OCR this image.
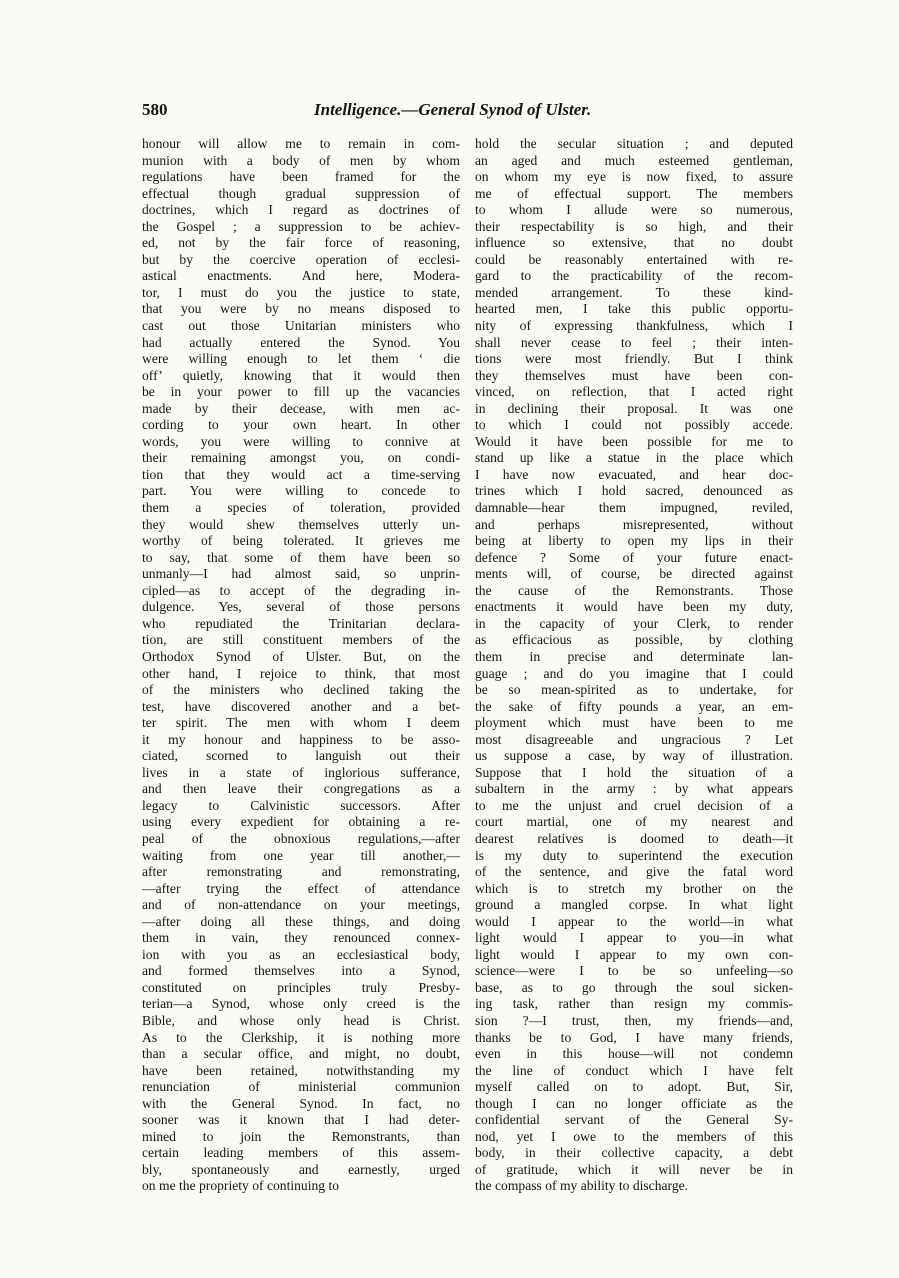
580	Intelligence.—General Synod of Ulster.

honour will allow me to remain in com-
munion with a body of men by whom
regulations have been framed for the
effectual though gradual suppression of
doctrines, which I regard as doctrines of
the Gospel ; a suppression to be achiev-
ed, not by the fair force of reasoning,
but by the coercive operation of ecclesi-
astical enactments. And here, Modera-
tor, I must do you the justice to state,
that you were by no means disposed to
cast out those Unitarian ministers who
had actually entered the Synod. You
were willing enough to let them ‘ die
off’ quietly, knowing that it would then
be in your power to fill up the vacancies
made by their decease, with men ac-
cording to your own heart. In other
words, you were willing to connive at
their remaining amongst you, on condi-
tion that they would act a time-serving
part. You were willing to concede to
them a species of toleration, provided
they would shew themselves utterly un-
worthy of being tolerated. It grieves me
to say, that some of them have been so
unmanly—I had almost said, so unprin-
cipled—as to accept of the degrading in-
dulgence. Yes, several of those persons
who repudiated the Trinitarian declara-
tion, are still constituent members of the
Orthodox Synod of Ulster. But, on the
other hand, I rejoice to think, that most
of the ministers who declined taking the
test, have discovered another and a bet-
ter spirit. The men with whom I deem
it my honour and happiness to be asso-
ciated, scorned to languish out their
lives in a state of inglorious sufferance,
and then leave their congregations as a
legacy to Calvinistic successors. After
using every expedient for obtaining a re-
peal of the obnoxious regulations,—after
waiting from one year till another,—
after remonstrating and remonstrating,
—after trying the effect of attendance
and of non-attendance on your meetings,
—after doing all these things, and doing
them in vain, they renounced connex-
ion with you as an ecclesiastical body,
and formed themselves into a Synod,
constituted on principles truly Presby-
terian—a Synod, whose only creed is the
Bible, and whose only head is Christ.
As to the Clerkship, it is nothing more
than a secular office, and might, no doubt,
have been retained, notwithstanding my
renunciation of ministerial communion
with the General Synod. In fact, no
sooner was it known that I had deter-
mined to join the Remonstrants, than
certain leading members of this assem-
bly, spontaneously and earnestly, urged
on me the propriety of continuing to

hold the secular situation ; and deputed
an aged and much esteemed gentleman,
on whom my eye is now fixed, to assure
me of effectual support. The members
to whom I allude were so numerous,
their respectability is so high, and their
influence so extensive, that no doubt
could be reasonably entertained with re-
gard to the practicability of the recom-
mended arrangement. To these kind-
hearted men, I take this public opportu-
nity of expressing thankfulness, which I
shall never cease to feel ; their inten-
tions were most friendly. But I think
they themselves must have been con-
vinced, on reflection, that I acted right
in declining their proposal. It was one
to which I could not possibly accede.
Would it have been possible for me to
stand up like a statue in the place which
I have now evacuated, and hear doc-
trines which I hold sacred, denounced as
damnable—hear them impugned, reviled,
and perhaps misrepresented, without
being at liberty to open my lips in their
defence ? Some of your future enact-
ments will, of course, be directed against
the cause of the Remonstrants. Those
enactments it would have been my duty,
in the capacity of your Clerk, to render
as efficacious as possible, by clothing
them in precise and determinate lan-
guage ; and do you imagine that I could
be so mean-spirited as to undertake, for
the sake of fifty pounds a year, an em-
ployment which must have been to me
most disagreeable and ungracious ? Let
us suppose a case, by way of illustration.
Suppose that I hold the situation of a
subaltern in the army : by what appears
to me the unjust and cruel decision of a
court martial, one of my nearest and
dearest relatives is doomed to death—it
is my duty to superintend the execution
of the sentence, and give the fatal word
which is to stretch my brother on the
ground a mangled corpse. In what light
would I appear to the world—in what
light would I appear to you—in what
light would I appear to my own con-
science—were I to be so unfeeling—so
base, as to go through the soul sicken-
ing task, rather than resign my commis-
sion ?—I trust, then, my friends—and,
thanks be to God, I have many friends,
even in this house—will not condemn
the line of conduct which I have felt
myself called on to adopt. But, Sir,
though I can no longer officiate as the
confidential servant of the General Sy-
nod, yet I owe to the members of this
body, in their collective capacity, a debt
of gratitude, which it will never be in
the compass of my ability to discharge.
